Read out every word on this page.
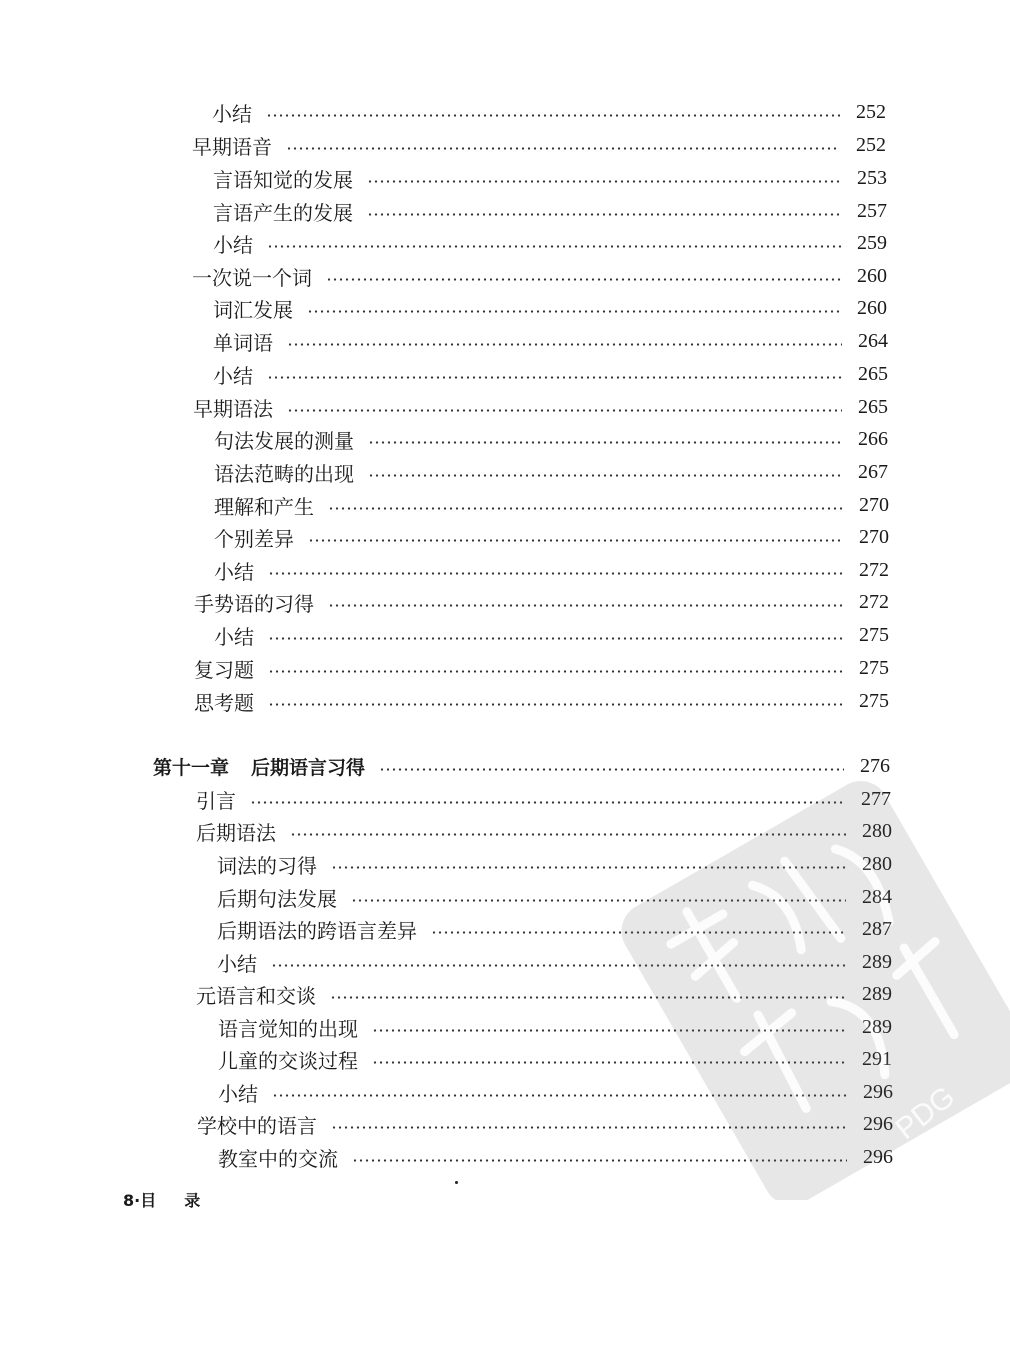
小结	252
早期语音	252
言语知觉的发展	253
言语产生的发展	257
小结	259
一次说一个词	260
词汇发展	260
单词语	264
小结	265
早期语法	265
句法发展的测量	266
语法范畴的出现	267
理解和产生	270
个别差异	270
小结	272
手势语的习得	272
小结	275
复习题	275
思考题	275
第十一章 后期语言习得	276
引言	277
后期语法	280
词法的习得	280
后期句法发展	284
后期语法的跨语言差异	287
小结	289
元语言和交谈	289
语言觉知的出现	289
儿童的交谈过程	291
小结	296
学校中的语言	296
教室中的交流	296
8·目 录
PDG
